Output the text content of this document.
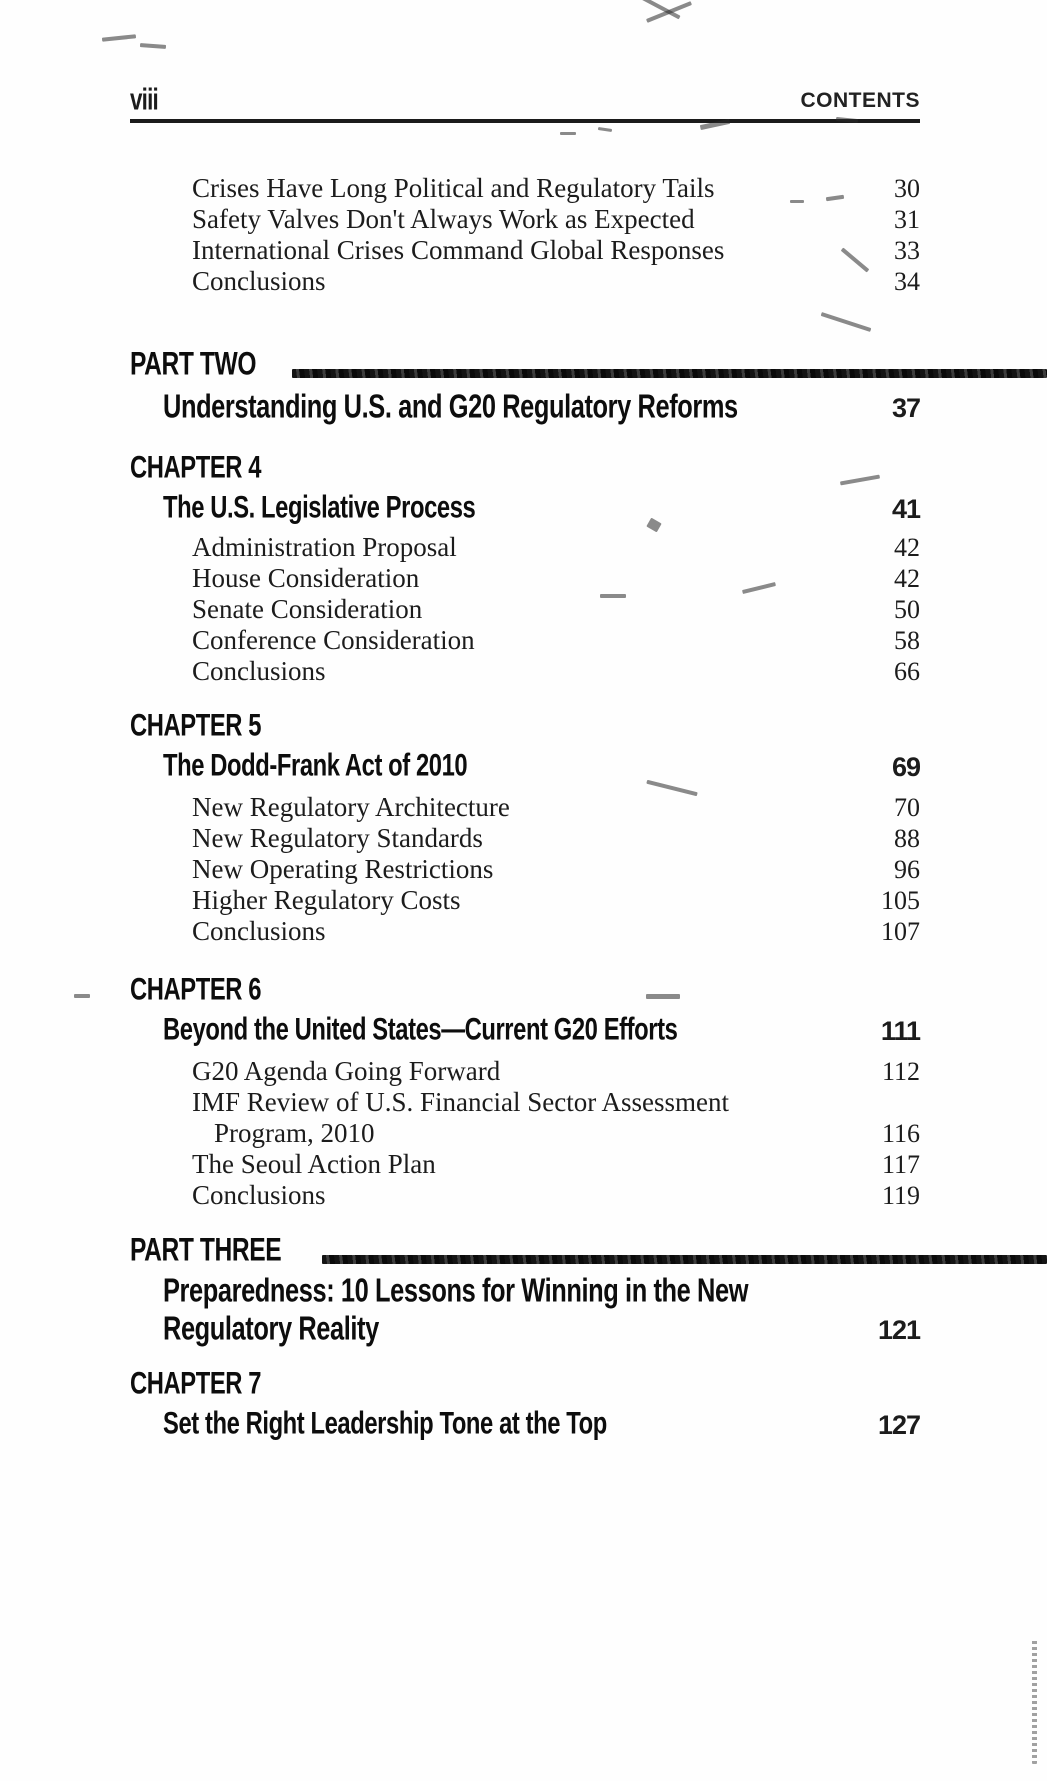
viii	CONTENTS
Crises Have Long Political and Regulatory Tails	30
Safety Valves Don't Always Work as Expected	31
International Crises Command Global Responses	33
Conclusions	34
PART TWO
Understanding U.S. and G20 Regulatory Reforms	37
CHAPTER 4
The U.S. Legislative Process	41
Administration Proposal	42
House Consideration	42
Senate Consideration	50
Conference Consideration	58
Conclusions	66
CHAPTER 5
The Dodd-Frank Act of 2010	69
New Regulatory Architecture	70
New Regulatory Standards	88
New Operating Restrictions	96
Higher Regulatory Costs	105
Conclusions	107
CHAPTER 6
Beyond the United States—Current G20 Efforts	111
G20 Agenda Going Forward	112
IMF Review of U.S. Financial Sector Assessment
Program, 2010	116
The Seoul Action Plan	117
Conclusions	119
PART THREE
Preparedness: 10 Lessons for Winning in the New
Regulatory Reality	121
CHAPTER 7
Set the Right Leadership Tone at the Top	127
